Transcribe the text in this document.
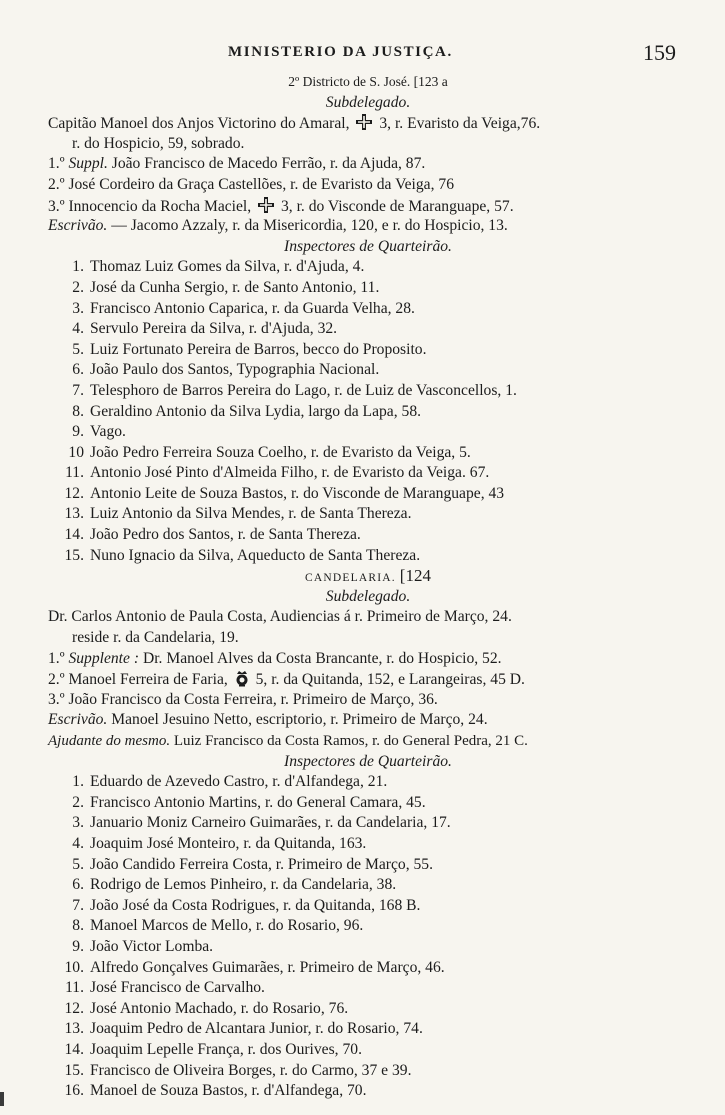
MINISTERIO DA JUSTIÇA.	159
2º Districto de S. José. [123 a
Subdelegado.
Capitão Manoel dos Anjos Victorino do Amaral, 3, r. Evaristo da Veiga,76.
r. do Hospicio, 59, sobrado.
1.º Suppl. João Francisco de Macedo Ferrão, r. da Ajuda, 87.
2.º José Cordeiro da Graça Castellões, r. de Evaristo da Veiga, 76
3.º Innocencio da Rocha Maciel, 3, r. do Visconde de Maranguape, 57.
Escrivão. — Jacomo Azzaly, r. da Misericordia, 120, e r. do Hospicio, 13.
Inspectores de Quarteirão.
1. Thomaz Luiz Gomes da Silva, r. d'Ajuda, 4.
2. José da Cunha Sergio, r. de Santo Antonio, 11.
3. Francisco Antonio Caparica, r. da Guarda Velha, 28.
4. Servulo Pereira da Silva, r. d'Ajuda, 32.
5. Luiz Fortunato Pereira de Barros, becco do Proposito.
6. João Paulo dos Santos, Typographia Nacional.
7. Telesphoro de Barros Pereira do Lago, r. de Luiz de Vasconcellos, 1.
8. Geraldino Antonio da Silva Lydia, largo da Lapa, 58.
9. Vago.
10 João Pedro Ferreira Souza Coelho, r. de Evaristo da Veiga, 5.
11. Antonio José Pinto d'Almeida Filho, r. de Evaristo da Veiga. 67.
12. Antonio Leite de Souza Bastos, r. do Visconde de Maranguape, 43
13. Luiz Antonio da Silva Mendes, r. de Santa Thereza.
14. João Pedro dos Santos, r. de Santa Thereza.
15. Nuno Ignacio da Silva, Aqueducto de Santa Thereza.
CANDELARIA. [124
Subdelegado.
Dr. Carlos Antonio de Paula Costa, Audiencias á r. Primeiro de Março, 24.
reside r. da Candelaria, 19.
1.º Supplente : Dr. Manoel Alves da Costa Brancante, r. do Hospicio, 52.
2.º Manoel Ferreira de Faria, 5, r. da Quitanda, 152, e Larangeiras, 45 D.
3.º João Francisco da Costa Ferreira, r. Primeiro de Março, 36.
Escrivão. Manoel Jesuino Netto, escriptorio, r. Primeiro de Março, 24.
Ajudante do mesmo. Luiz Francisco da Costa Ramos, r. do General Pedra, 21 C.
Inspectores de Quarteirão.
1. Eduardo de Azevedo Castro, r. d'Alfandega, 21.
2. Francisco Antonio Martins, r. do General Camara, 45.
3. Januario Moniz Carneiro Guimarães, r. da Candelaria, 17.
4. Joaquim José Monteiro, r. da Quitanda, 163.
5. João Candido Ferreira Costa, r. Primeiro de Março, 55.
6. Rodrigo de Lemos Pinheiro, r. da Candelaria, 38.
7. João José da Costa Rodrigues, r. da Quitanda, 168 B.
8. Manoel Marcos de Mello, r. do Rosario, 96.
9. João Victor Lomba.
10. Alfredo Gonçalves Guimarães, r. Primeiro de Março, 46.
11. José Francisco de Carvalho.
12. José Antonio Machado, r. do Rosario, 76.
13. Joaquim Pedro de Alcantara Junior, r. do Rosario, 74.
14. Joaquim Lepelle França, r. dos Ourives, 70.
15. Francisco de Oliveira Borges, r. do Carmo, 37 e 39.
16. Manoel de Souza Bastos, r. d'Alfandega, 70.
